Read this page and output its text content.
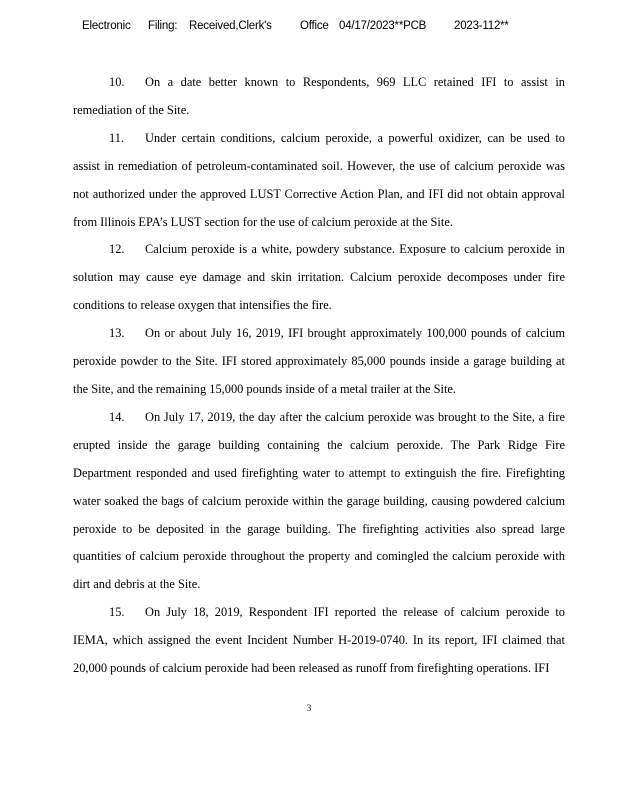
Electronic Filing: Received,Clerk's Office 04/17/2023**PCB 2023-112**

10. On a date better known to Respondents, 969 LLC retained IFI to assist in remediation of the Site.

11. Under certain conditions, calcium peroxide, a powerful oxidizer, can be used to assist in remediation of petroleum-contaminated soil. However, the use of calcium peroxide was not authorized under the approved LUST Corrective Action Plan, and IFI did not obtain approval from Illinois EPA’s LUST section for the use of calcium peroxide at the Site.

12. Calcium peroxide is a white, powdery substance. Exposure to calcium peroxide in solution may cause eye damage and skin irritation. Calcium peroxide decomposes under fire conditions to release oxygen that intensifies the fire.

13. On or about July 16, 2019, IFI brought approximately 100,000 pounds of calcium peroxide powder to the Site. IFI stored approximately 85,000 pounds inside a garage building at the Site, and the remaining 15,000 pounds inside of a metal trailer at the Site.

14. On July 17, 2019, the day after the calcium peroxide was brought to the Site, a fire erupted inside the garage building containing the calcium peroxide. The Park Ridge Fire Department responded and used firefighting water to attempt to extinguish the fire. Firefighting water soaked the bags of calcium peroxide within the garage building, causing powdered calcium peroxide to be deposited in the garage building. The firefighting activities also spread large quantities of calcium peroxide throughout the property and comingled the calcium peroxide with dirt and debris at the Site.

15. On July 18, 2019, Respondent IFI reported the release of calcium peroxide to IEMA, which assigned the event Incident Number H-2019-0740. In its report, IFI claimed that 20,000 pounds of calcium peroxide had been released as runoff from firefighting operations. IFI

3
